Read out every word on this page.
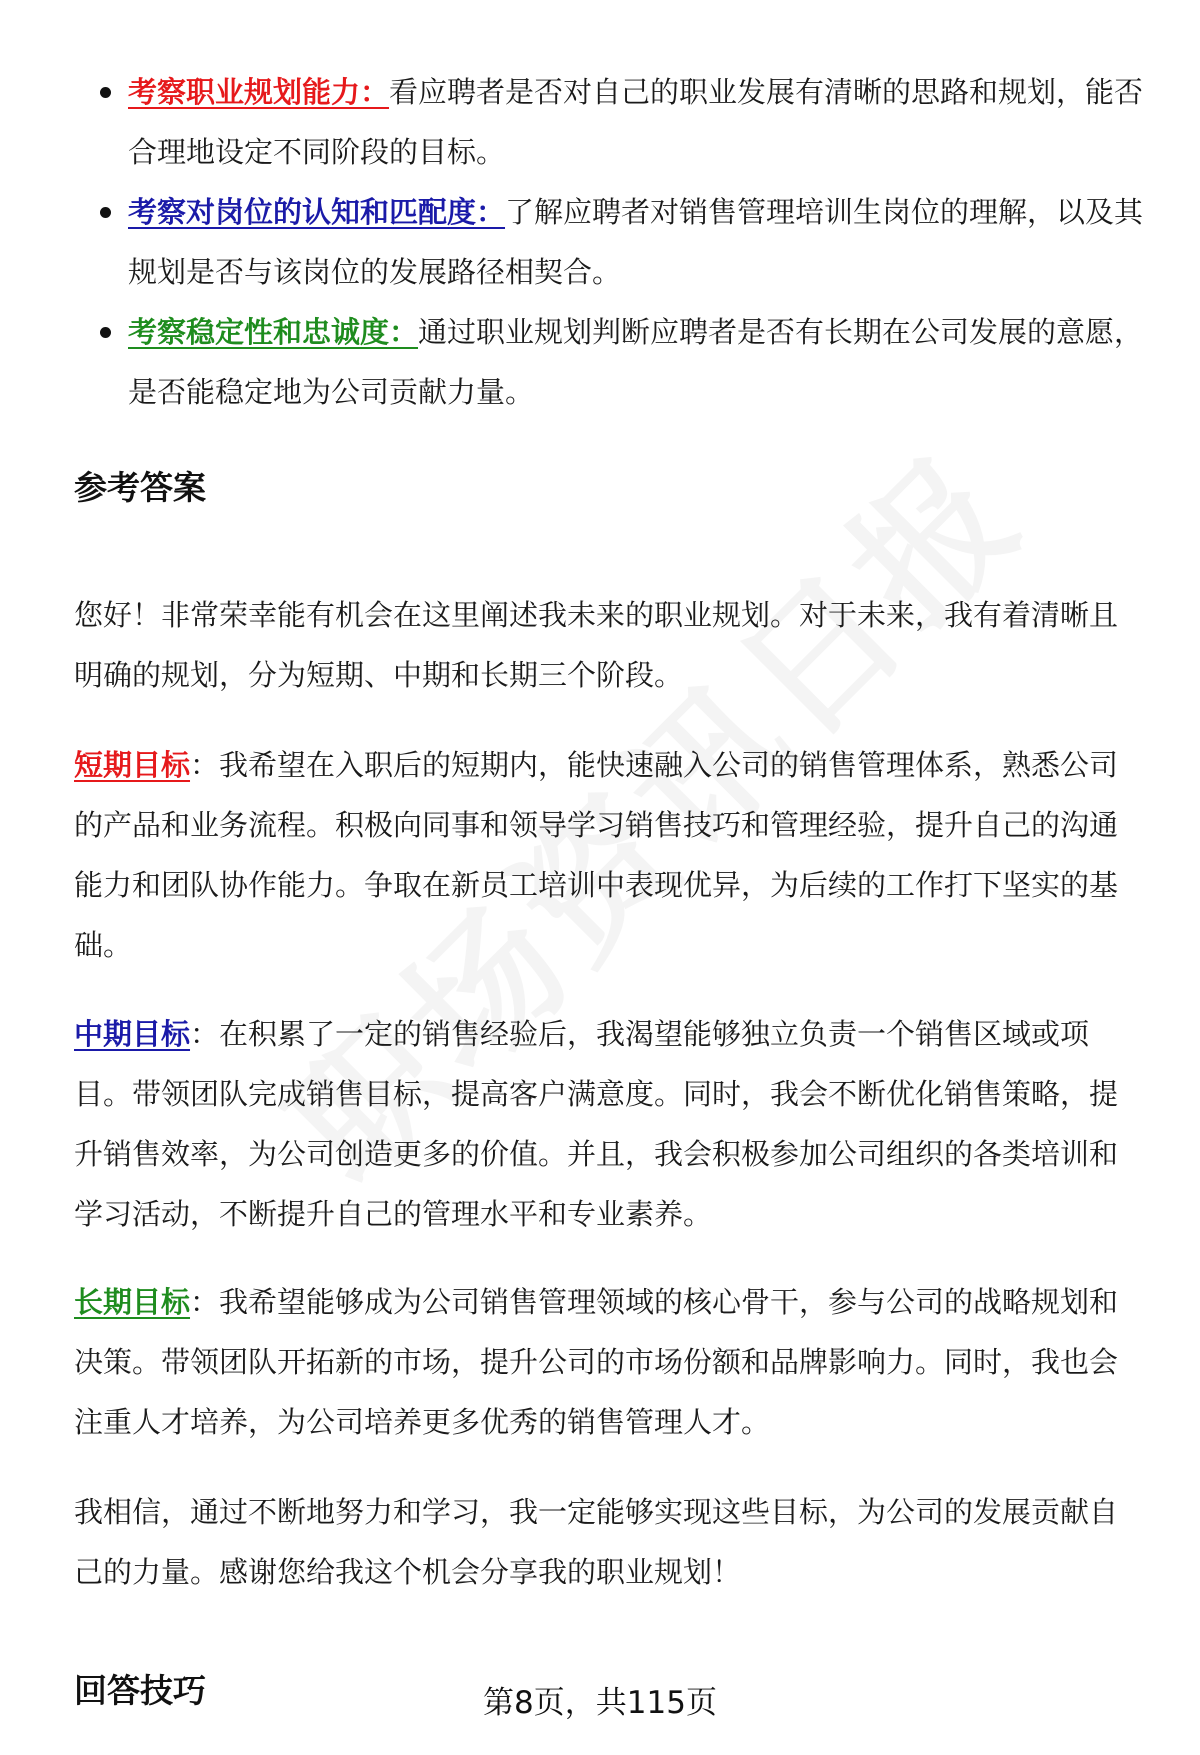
考察职业规划能力：看应聘者是否对自己的职业发展有清晰的思路和规划，能否合理地设定不同阶段的目标。
考察对岗位的认知和匹配度：了解应聘者对销售管理培训生岗位的理解，以及其规划是否与该岗位的发展路径相契合。
考察稳定性和忠诚度：通过职业规划判断应聘者是否有长期在公司发展的意愿，是否能稳定地为公司贡献力量。
参考答案

您好！非常荣幸能有机会在这里阐述我未来的职业规划。对于未来，我有着清晰且明确的规划，分为短期、中期和长期三个阶段。

短期目标：我希望在入职后的短期内，能快速融入公司的销售管理体系，熟悉公司的产品和业务流程。积极向同事和领导学习销售技巧和管理经验，提升自己的沟通能力和团队协作能力。争取在新员工培训中表现优异，为后续的工作打下坚实的基础。

中期目标：在积累了一定的销售经验后，我渴望能够独立负责一个销售区域或项目。带领团队完成销售目标，提高客户满意度。同时，我会不断优化销售策略，提升销售效率，为公司创造更多的价值。并且，我会积极参加公司组织的各类培训和学习活动，不断提升自己的管理水平和专业素养。

长期目标：我希望能够成为公司销售管理领域的核心骨干，参与公司的战略规划和决策。带领团队开拓新的市场，提升公司的市场份额和品牌影响力。同时，我也会注重人才培养，为公司培养更多优秀的销售管理人才。

我相信，通过不断地努力和学习，我一定能够实现这些目标，为公司的发展贡献自己的力量。感谢您给我这个机会分享我的职业规划！

回答技巧	第8页，共115页
